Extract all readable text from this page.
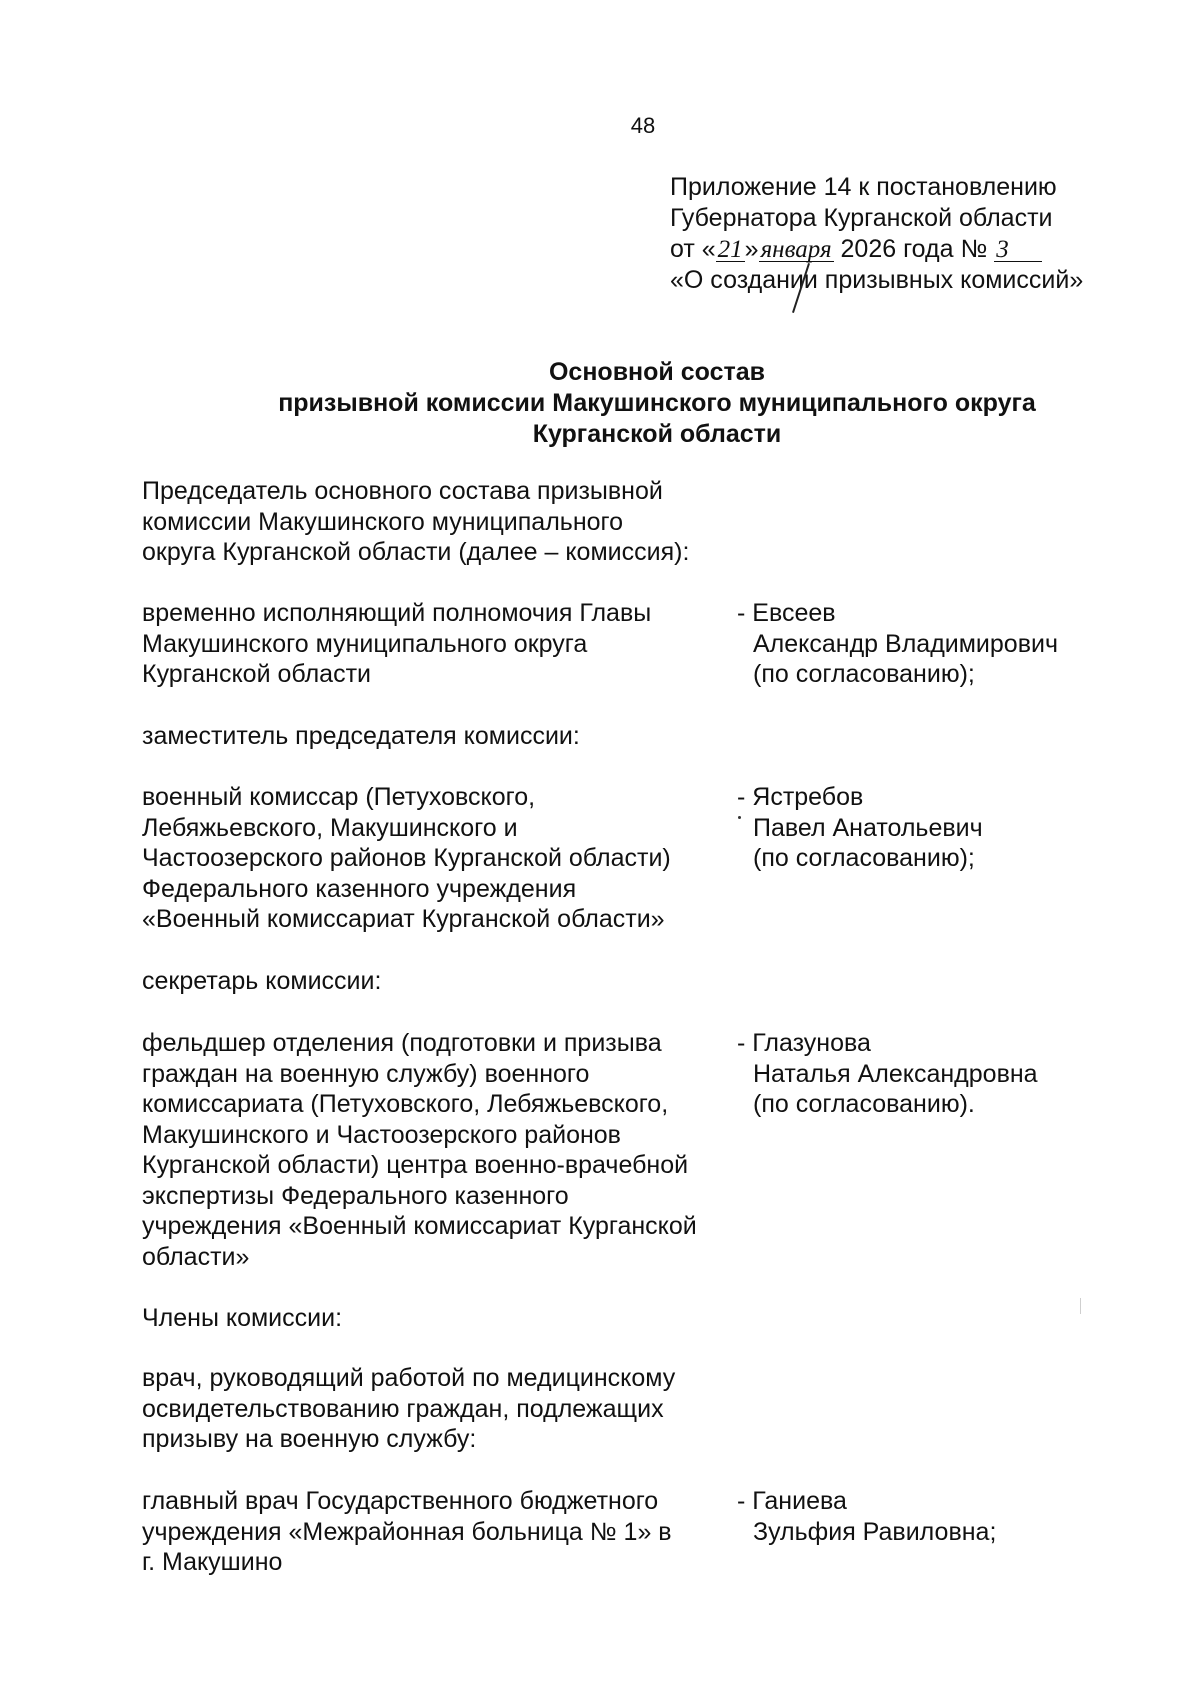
48
Приложение 14 к постановлению
Губернатора Курганской области
от «21»января 2026 года № 3
«О создании призывных комиссий»
Основной состав
призывной комиссии Макушинского муниципального округа
Курганской области
Председатель основного состава призывной
комиссии Макушинского муниципального
округа Курганской области (далее – комиссия):
временно исполняющий полномочия Главы
Макушинского муниципального округа
Курганской области
- Евсеев
Александр Владимирович
(по согласованию);
заместитель председателя комиссии:
военный комиссар (Петуховского,
Лебяжьевского, Макушинского и
Частоозерского районов Курганской области)
Федерального казенного учреждения
«Военный комиссариат Курганской области»
- Ястребов
Павел Анатольевич
(по согласованию);
секретарь комиссии:
фельдшер отделения (подготовки и призыва
граждан на военную службу) военного
комиссариата (Петуховского, Лебяжьевского,
Макушинского и Частоозерского районов
Курганской области) центра военно-врачебной
экспертизы Федерального казенного
учреждения «Военный комиссариат Курганской
области»
- Глазунова
Наталья Александровна
(по согласованию).
Члены комиссии:
врач, руководящий работой по медицинскому
освидетельствованию граждан, подлежащих
призыву на военную службу:
главный врач Государственного бюджетного
учреждения «Межрайонная больница № 1» в
г. Макушино
- Ганиева
Зульфия Равиловна;
